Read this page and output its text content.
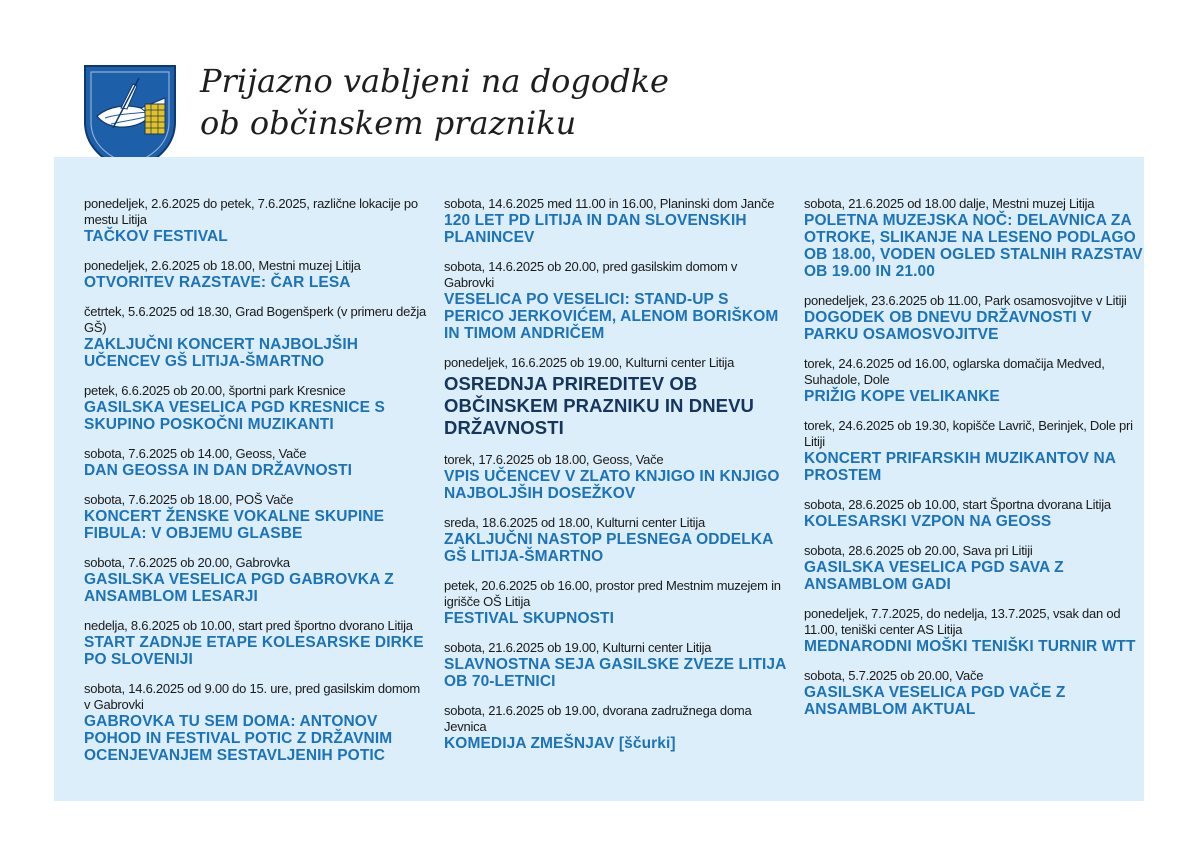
Prijazno vabljeni na dogodke
ob občinskem prazniku
ponedeljek, 2.6.2025 do petek, 7.6.2025, različne lokacije po mestu Litija
TAČKOV FESTIVAL
ponedeljek, 2.6.2025 ob 18.00, Mestni muzej Litija
OTVORITEV RAZSTAVE: ČAR LESA
četrtek, 5.6.2025 od 18.30, Grad Bogenšperk (v primeru dežja GŠ)
ZAKLJUČNI KONCERT NAJBOLJŠIH UČENCEV GŠ LITIJA-ŠMARTNO
petek, 6.6.2025 ob 20.00, športni park Kresnice
GASILSKA VESELICA PGD KRESNICE S SKUPINO POSKOČNI MUZIKANTI
sobota, 7.6.2025 ob 14.00, Geoss, Vače
DAN GEOSSA IN DAN DRŽAVNOSTI
sobota, 7.6.2025 ob 18.00, POŠ Vače
KONCERT ŽENSKE VOKALNE SKUPINE FIBULA: V OBJEMU GLASBE
sobota, 7.6.2025 ob 20.00, Gabrovka
GASILSKA VESELICA PGD GABROVKA Z ANSAMBLOM LESARJI
nedelja, 8.6.2025 ob 10.00, start pred športno dvorano Litija
START ZADNJE ETAPE KOLESARSKE DIRKE PO SLOVENIJI
sobota, 14.6.2025 od 9.00 do 15. ure, pred gasilskim domom v Gabrovki
GABROVKA TU SEM DOMA: ANTONOV POHOD IN FESTIVAL POTIC Z DRŽAVNIM OCENJEVANJEM SESTAVLJENIH POTIC
sobota, 14.6.2025 med 11.00 in 16.00, Planinski dom Janče
120 LET PD LITIJA IN DAN SLOVENSKIH PLANINCEV
sobota, 14.6.2025 ob 20.00, pred gasilskim domom v Gabrovki
VESELICA PO VESELICI: STAND-UP S PERICO JERKOVIĆEM, ALENOM BORIŠKOM IN TIMOM ANDRIČEM
ponedeljek, 16.6.2025 ob 19.00, Kulturni center Litija
OSREDNJA PRIREDITEV OB OBČINSKEM PRAZNIKU IN DNEVU DRŽAVNOSTI
torek, 17.6.2025 ob 18.00, Geoss, Vače
VPIS UČENCEV V ZLATO KNJIGO IN KNJIGO NAJBOLJŠIH DOSEŽKOV
sreda, 18.6.2025 od 18.00, Kulturni center Litija
ZAKLJUČNI NASTOP PLESNEGA ODDELKA GŠ LITIJA-ŠMARTNO
petek, 20.6.2025 ob 16.00, prostor pred Mestnim muzejem in igrišče OŠ Litija
FESTIVAL SKUPNOSTI
sobota, 21.6.2025 ob 19.00, Kulturni center Litija
SLAVNOSTNA SEJA GASILSKE ZVEZE LITIJA OB 70-LETNICI
sobota, 21.6.2025 ob 19.00, dvorana zadružnega doma Jevnica
KOMEDIJA ZMEŠNJAV [ščurki]
sobota, 21.6.2025 od 18.00 dalje, Mestni muzej Litija
POLETNA MUZEJSKA NOČ: DELAVNICA ZA OTROKE, SLIKANJE NA LESENO PODLAGO OB 18.00, VODEN OGLED STALNIH RAZSTAV OB 19.00 IN 21.00
ponedeljek, 23.6.2025 ob 11.00, Park osamosvojitve v Litiji
DOGODEK OB DNEVU DRŽAVNOSTI V PARKU OSAMOSVOJITVE
torek, 24.6.2025 od 16.00, oglarska domačija Medved, Suhadole, Dole
PRIŽIG KOPE VELIKANKE
torek, 24.6.2025 ob 19.30, kopišče Lavrič, Berinjek, Dole pri Litiji
KONCERT PRIFARSKIH MUZIKANTOV NA PROSTEM
sobota, 28.6.2025 ob 10.00, start Športna dvorana Litija
KOLESARSKI VZPON NA GEOSS
sobota, 28.6.2025 ob 20.00, Sava pri Litiji
GASILSKA VESELICA PGD SAVA Z ANSAMBLOM GADI
ponedeljek, 7.7.2025, do nedelja, 13.7.2025, vsak dan od 11.00, teniški center AS Litija
MEDNARODNI MOŠKI TENIŠKI TURNIR WTT
sobota, 5.7.2025 ob 20.00, Vače
GASILSKA VESELICA PGD VAČE Z ANSAMBLOM AKTUAL
